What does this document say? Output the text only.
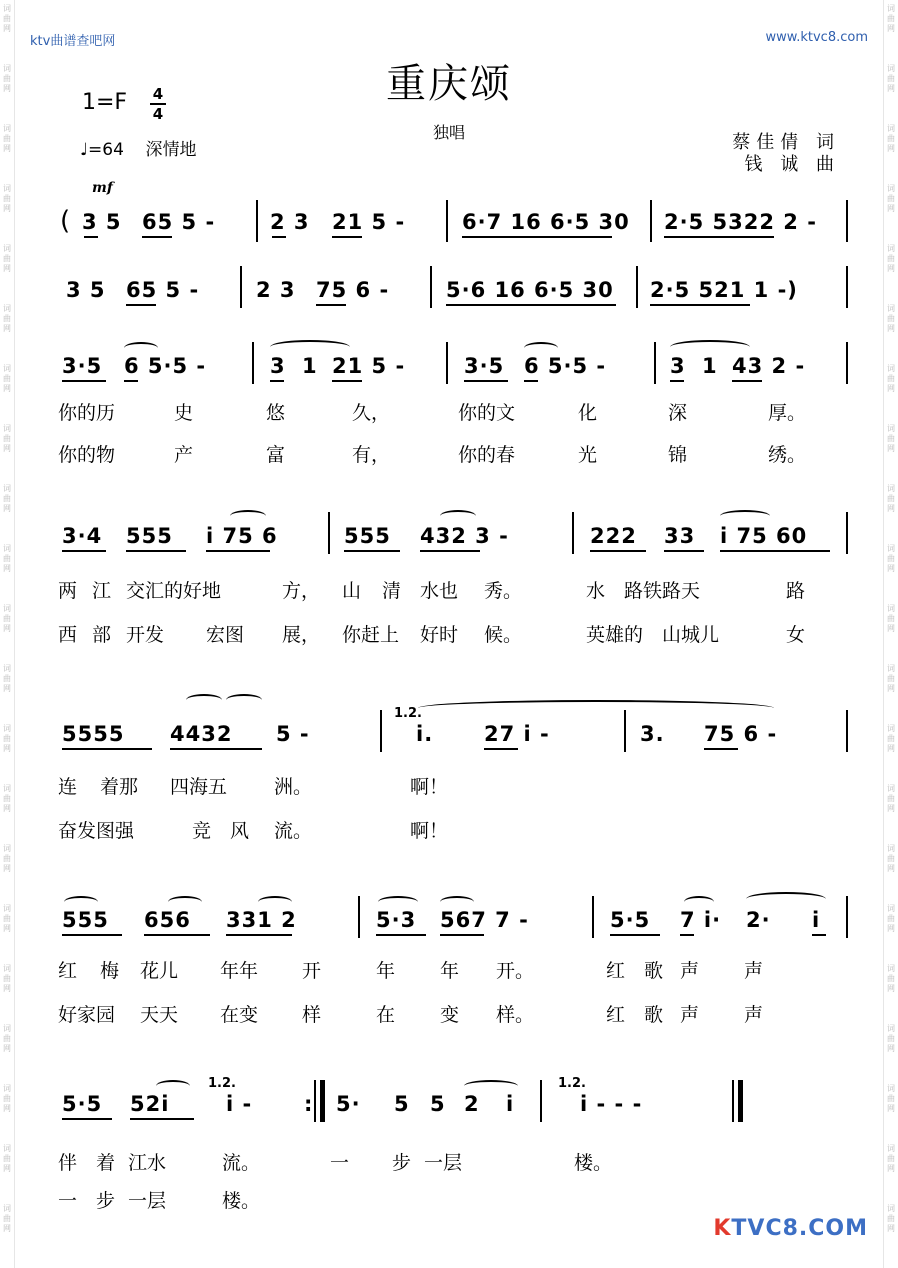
词
曲
网
词
曲
网
词
曲
网
词
曲
网
词
曲
网
词
曲
网
词
曲
网
词
曲
网
词
曲
网
词
曲
网
词
曲
网
词
曲
网
词
曲
网
词
曲
网
词
曲
网
词
曲
网
词
曲
网
词
曲
网
词
曲
网
词
曲
网
词
曲
网
词
曲
网
词
曲
网
词
曲
网
词
曲
网
词
曲
网
词
曲
网
词
曲
网
词
曲
网
词
曲
网
词
曲
网
词
曲
网
词
曲
网
词
曲
网
词
曲
网
词
曲
网
词
曲
网
词
曲
网
词
曲
网
词
曲
网
词
曲
网
词
曲
网
ktv曲谱查吧网	www.ktvc8.com
重庆颂
独唱
1=F 4
4
♩=64 深情地	蔡佳倩 词
钱 诚 曲
mf
( 3 5 65 5 -	2 3 21 5 -	6·7 16 6·5 30 2·5 5322 2 -
3 5 65 5 -	2 3 75 6 -	5·6 16 6·5 30 2·5 521 1 -)
3·5 6 5·5 -	3 1 21 5 -	3·5 6 5·5 -	3 1 43 2 -
你的历	史	悠	久，	你的文	化	深	厚。
你的物	产	富	有，	你的春	光	锦	绣。
3·4 555 i 75 6	555 432 3 -	222 33 i 75 60
两 江 交汇的好地	方， 山 清 水也 秀。	水 路铁路天	路
西 部 开发 宏图 展， 你赶上 好时 候。	英雄的 山城儿	女
1.2.
5555 4432 5 -	i. 27 i -	3. 75 6 -
连 着那 四海五 洲。	啊！
奋发图强	竞 风 流。	啊！
555 656 331 2	5·3 567 7 -	5·5 7 i· 2· i
红 梅 花儿 年年 开	年 年 开。	红 歌 声 声
好家园 天天 在变 样	在 变 样。	红 歌 声 声
1.2.	1.2.
5·5 52i	i - : 5· 5 5 2 i	i - - -
伴 着 江水	流。	一 步 一层	楼。
一 步 一层	楼。
KTVC8.COM
